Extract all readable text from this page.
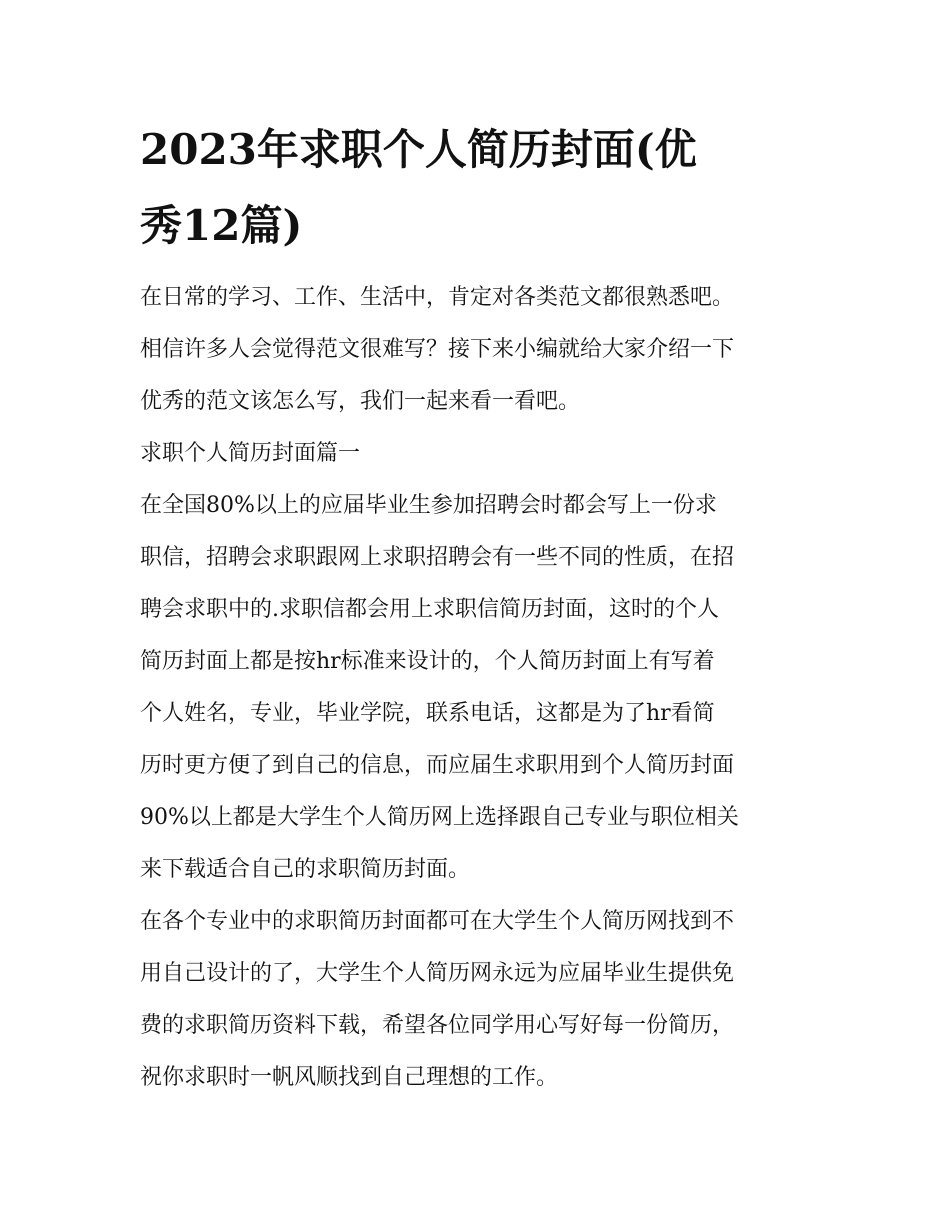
2023年求职个人简历封面(优
秀12篇)

在日常的学习、工作、生活中，肯定对各类范文都很熟悉吧。
相信许多人会觉得范文很难写？接下来小编就给大家介绍一下
优秀的范文该怎么写，我们一起来看一看吧。

求职个人简历封面篇一

在全国80%以上的应届毕业生参加招聘会时都会写上一份求
职信，招聘会求职跟网上求职招聘会有一些不同的性质，在招
聘会求职中的.求职信都会用上求职信简历封面，这时的个人
简历封面上都是按hr标准来设计的，个人简历封面上有写着
个人姓名，专业，毕业学院，联系电话，这都是为了hr看简
历时更方便了到自己的信息，而应届生求职用到个人简历封面
90%以上都是大学生个人简历网上选择跟自己专业与职位相关
来下载适合自己的求职简历封面。

在各个专业中的求职简历封面都可在大学生个人简历网找到不
用自己设计的了，大学生个人简历网永远为应届毕业生提供免
费的求职简历资料下载，希望各位同学用心写好每一份简历，
祝你求职时一帆风顺找到自己理想的工作。
